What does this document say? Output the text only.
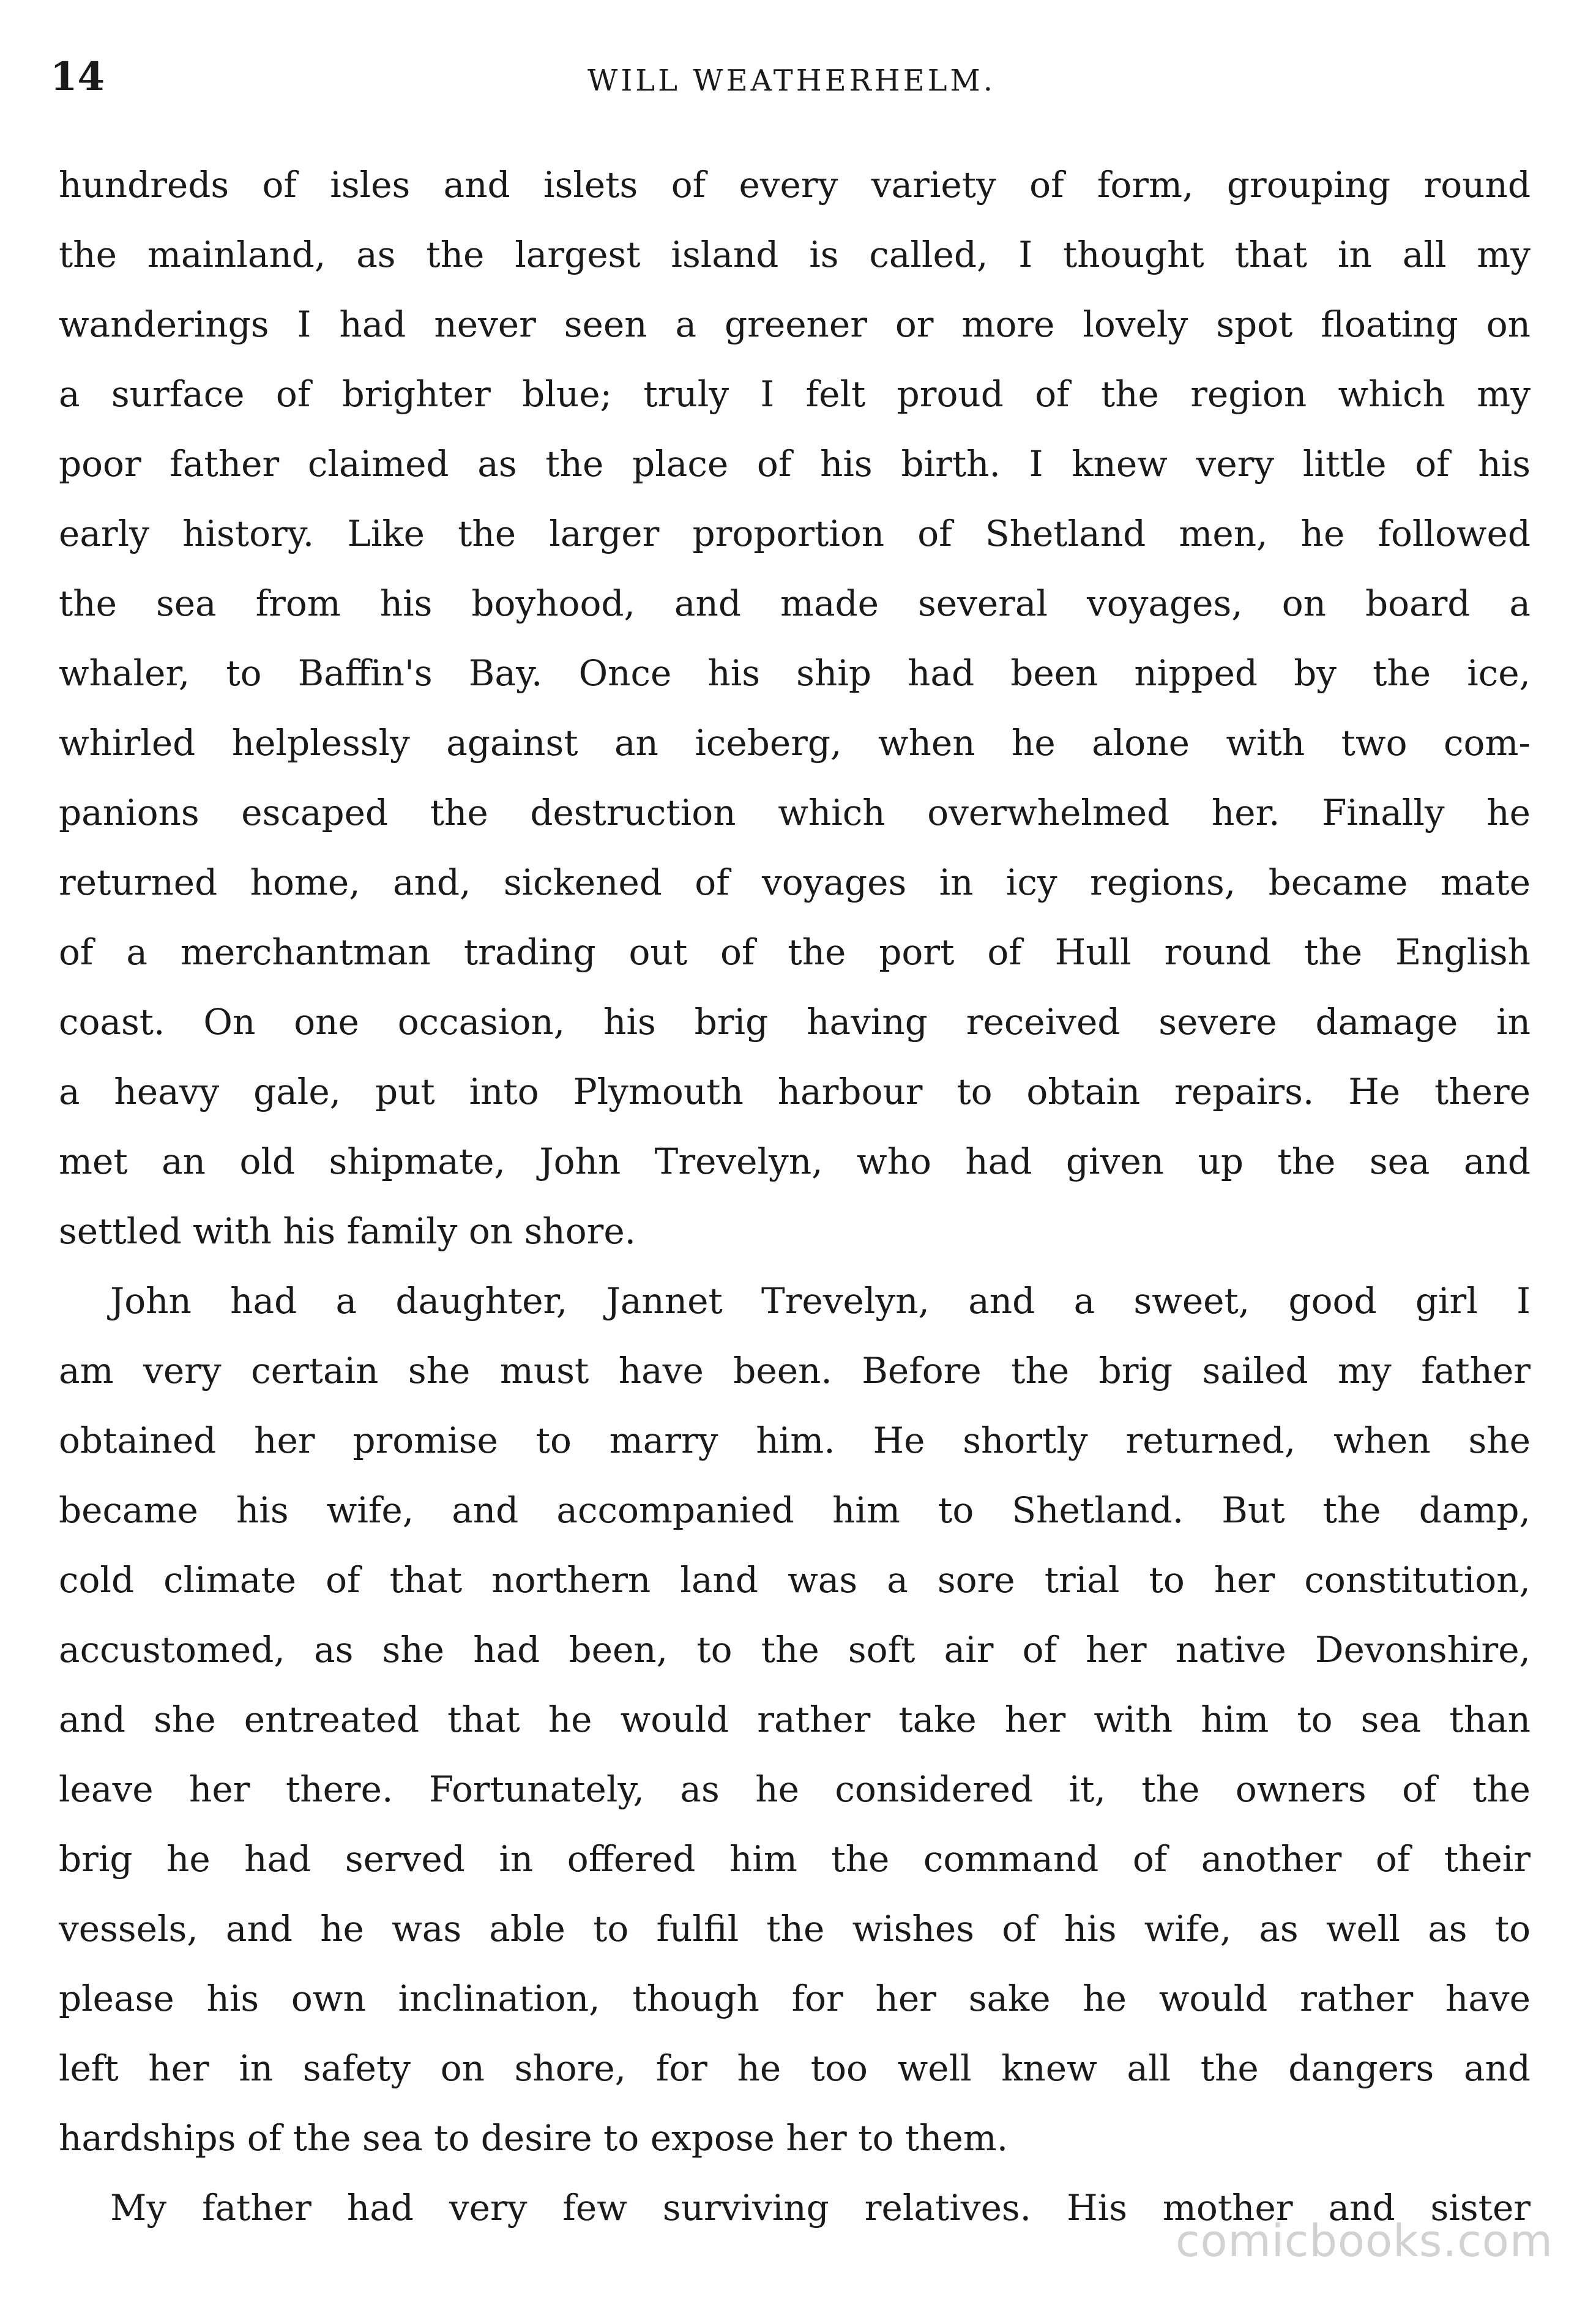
14	WILL WEATHERHELM.
hundreds of isles and islets of every variety of form, grouping round
the mainland, as the largest island is called, I thought that in all my
wanderings I had never seen a greener or more lovely spot floating on
a surface of brighter blue; truly I felt proud of the region which my
poor father claimed as the place of his birth. I knew very little of his
early history. Like the larger proportion of Shetland men, he followed
the sea from his boyhood, and made several voyages, on board a
whaler, to Baffin's Bay. Once his ship had been nipped by the ice,
whirled helplessly against an iceberg, when he alone with two com-
panions escaped the destruction which overwhelmed her. Finally he
returned home, and, sickened of voyages in icy regions, became mate
of a merchantman trading out of the port of Hull round the English
coast. On one occasion, his brig having received severe damage in
a heavy gale, put into Plymouth harbour to obtain repairs. He there
met an old shipmate, John Trevelyn, who had given up the sea and
settled with his family on shore.
John had a daughter, Jannet Trevelyn, and a sweet, good girl I
am very certain she must have been. Before the brig sailed my father
obtained her promise to marry him. He shortly returned, when she
became his wife, and accompanied him to Shetland. But the damp,
cold climate of that northern land was a sore trial to her constitution,
accustomed, as she had been, to the soft air of her native Devonshire,
and she entreated that he would rather take her with him to sea than
leave her there. Fortunately, as he considered it, the owners of the
brig he had served in offered him the command of another of their
vessels, and he was able to fulfil the wishes of his wife, as well as to
please his own inclination, though for her sake he would rather have
left her in safety on shore, for he too well knew all the dangers and
hardships of the sea to desire to expose her to them.
My father had very few surviving relatives. His mother and sister
comicbooks.com
